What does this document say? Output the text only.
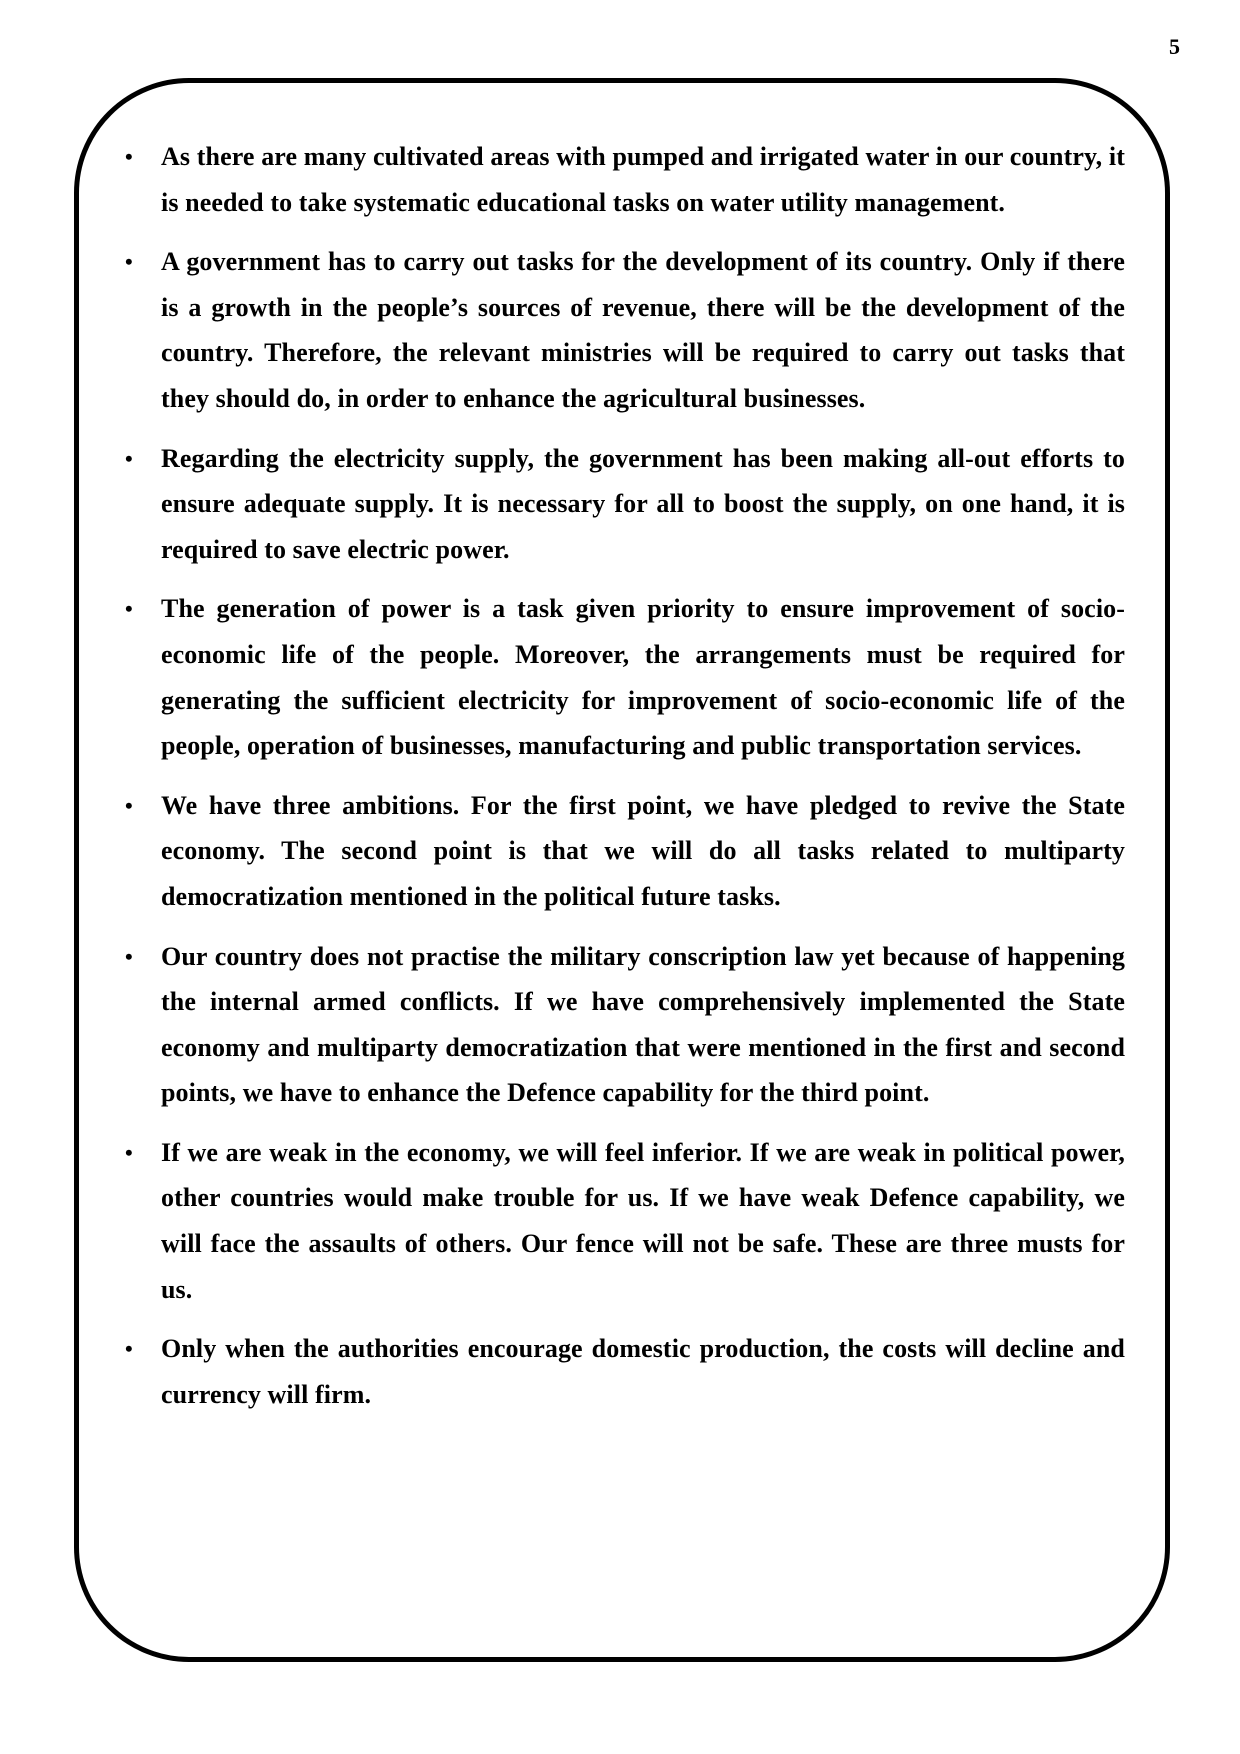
5
• As there are many cultivated areas with pumped and irrigated water in our country, it is needed to take systematic educational tasks on water utility management.
• A government has to carry out tasks for the development of its country. Only if there is a growth in the people’s sources of revenue, there will be the development of the country. Therefore, the relevant ministries will be required to carry out tasks that they should do, in order to enhance the agricultural businesses.
• Regarding the electricity supply, the government has been making all-out efforts to ensure adequate supply. It is necessary for all to boost the supply, on one hand, it is required to save electric power.
• The generation of power is a task given priority to ensure improvement of socio-economic life of the people. Moreover, the arrangements must be required for generating the sufficient electricity for improvement of socio-economic life of the people, operation of businesses, manufacturing and public transportation services.
• We have three ambitions. For the first point, we have pledged to revive the State economy. The second point is that we will do all tasks related to multiparty democratization mentioned in the political future tasks.
• Our country does not practise the military conscription law yet because of happening the internal armed conflicts. If we have comprehensively implemented the State economy and multiparty democratization that were mentioned in the first and second points, we have to enhance the Defence capability for the third point.
• If we are weak in the economy, we will feel inferior. If we are weak in political power, other countries would make trouble for us. If we have weak Defence capability, we will face the assaults of others. Our fence will not be safe. These are three musts for us.
• Only when the authorities encourage domestic production, the costs will decline and currency will firm.
